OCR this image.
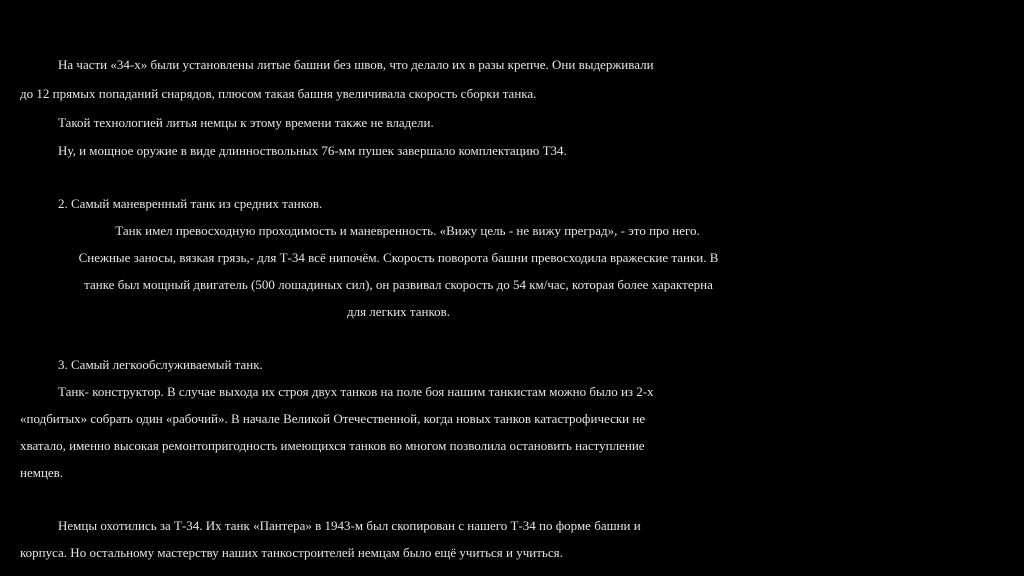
На части «34-х» были установлены литые башни без швов, что делало их в разы крепче. Они выдерживали
до 12 прямых попаданий снарядов, плюсом такая башня увеличивала скорость сборки танка.
Такой технологией литья немцы к этому времени также не владели.
Ну, и мощное оружие в виде длинноствольных 76-мм пушек завершало комплектацию Т34.
2. Самый маневренный танк из средних танков.
Танк имел превосходную проходимость и маневренность. «Вижу цель - не вижу преград», - это про него.
Снежные заносы, вязкая грязь,- для Т-34 всё нипочём. Скорость поворота башни превосходила вражеские танки. В
танке был мощный двигатель (500 лошадиных сил), он развивал скорость до 54 км/час, которая более характерна
для легких танков.
3. Самый легкообслуживаемый танк.
Танк- конструктор. В случае выхода их строя двух танков на поле боя нашим танкистам можно было из 2-х
«подбитых» собрать один «рабочий». В начале Великой Отечественной, когда новых танков катастрофически не
хватало, именно высокая ремонтопригодность имеющихся танков во многом позволила остановить наступление
немцев.
Немцы охотились за Т-34. Их танк «Пантера» в 1943-м был скопирован с нашего Т-34 по форме башни и
корпуса. Но остальному мастерству наших танкостроителей немцам было ещё учиться и учиться.
